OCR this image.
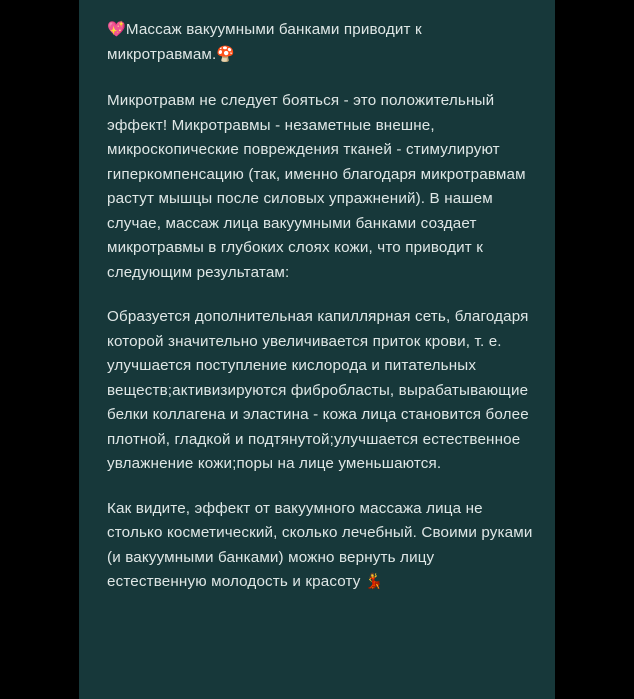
💖Массаж вакуумными банками приводит к микротравмам.🍄

Микротравм не следует бояться - это положительный эффект! Микротравмы - незаметные внешне, микроскопические повреждения тканей - стимулируют гиперкомпенсацию (так, именно благодаря микротравмам растут мышцы после силовых упражнений). В нашем случае, массаж лица вакуумными банками создает микротравмы в глубоких слоях кожи, что приводит к следующим результатам:

Образуется дополнительная капиллярная сеть, благодаря которой значительно увеличивается приток крови, т. е. улучшается поступление кислорода и питательных веществ;активизируются фибробласты, вырабатывающие белки коллагена и эластина - кожа лица становится более плотной, гладкой и подтянутой;улучшается естественное увлажнение кожи;поры на лице уменьшаются.

Как видите, эффект от вакуумного массажа лица не столько косметический, сколько лечебный. Своими руками (и вакуумными банками) можно вернуть лицу естественную молодость и красоту 💃
